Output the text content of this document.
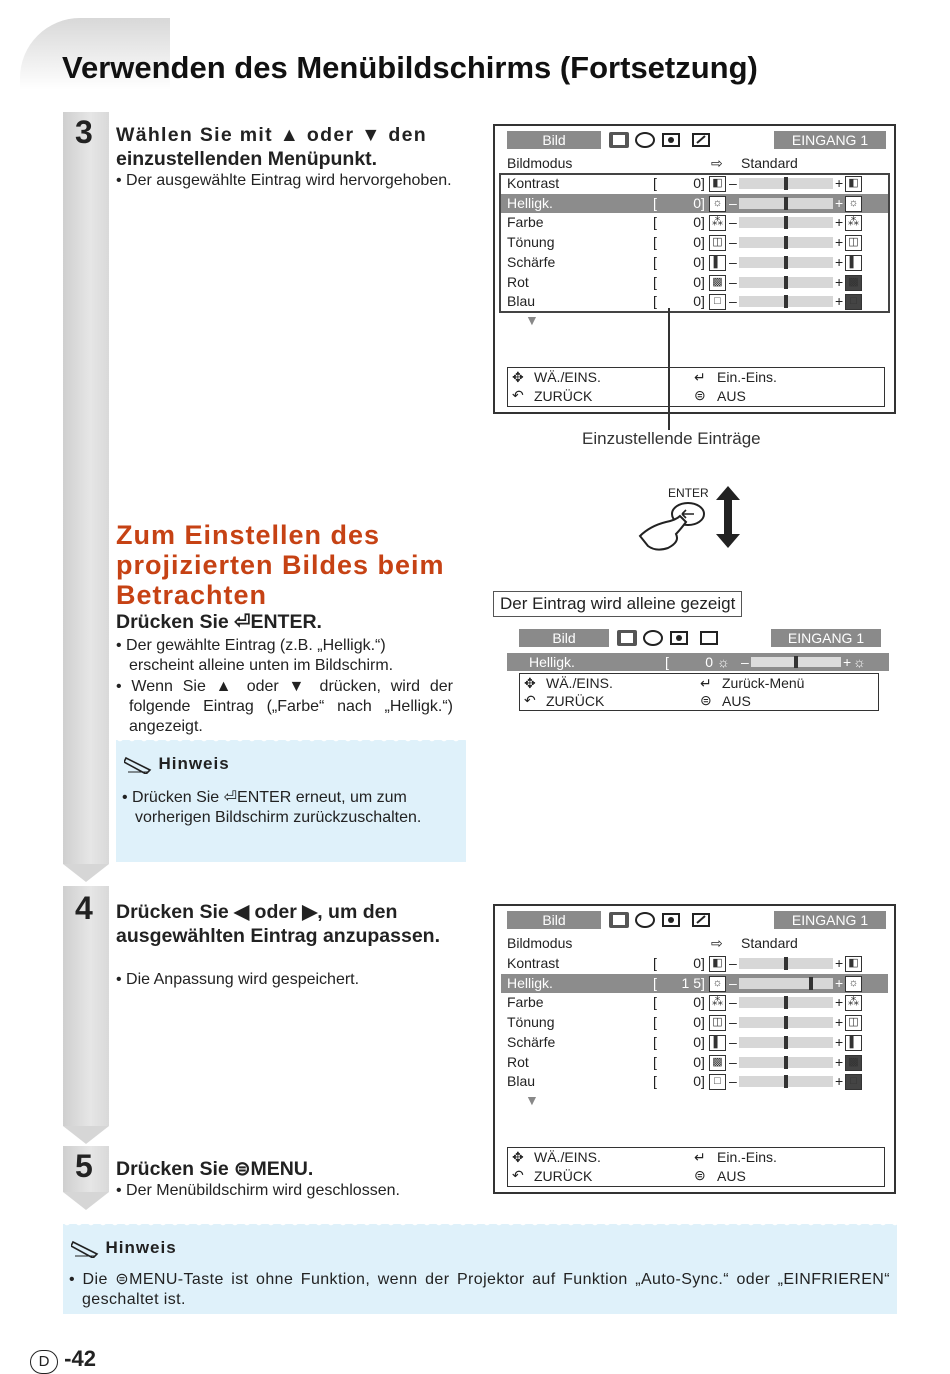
Verwenden des Menübildschirms (Fortsetzung)
3 Wählen Sie mit ▲ oder ▼ den
einzustellenden Menüpunkt.
• Der ausgewählte Eintrag wird hervorgehoben.
Bild	EINGANG 1
Bildmodus	⇨ Standard
Kontrast	[	0 ] ◧ –	+ ◧
Helligk.	[	0 ] ☼ –	+ ☼
Farbe	[	0 ] ⁂ –	+ ⁂
Tönung	[	0 ] ◫ –	+ ◫
Schärfe	[	0 ] ▌ –	+ ▌
Rot	[	0 ] ▩ –	+ ▩
Blau	[	0 ] □ –	+ □
▼
✥ WÄ./EINS.	↵ Ein.-Eins.
↶ ZURÜCK	⊜ AUS
Einzustellende Einträge
ENTER
Zum Einstellen des projizierten Bildes beim Betrachten
Drücken Sie ⏎ENTER.
• Der gewählte Eintrag (z.B. „Helligk.“) erscheint alleine unten im Bildschirm.
• Wenn Sie ▲ oder ▼ drücken, wird der folgende Eintrag („Farbe“ nach „Helligk.“) angezeigt.
Hinweis
• Drücken Sie ⏎ENTER erneut, um zum vorherigen Bildschirm zurückzuschalten.
Der Eintrag wird alleine gezeigt
Bild	EINGANG 1
Helligk.	[	0 ☼ –	+ ☼
✥ WÄ./EINS.	↵ Zurück-Menü
↶ ZURÜCK	⊜ AUS
4 Drücken Sie ◀ oder ▶, um den ausgewählten Eintrag anzupassen.
• Die Anpassung wird gespeichert.
Bild	EINGANG 1
Bildmodus	⇨ Standard
Kontrast	[	0 ] ◧ –	+ ◧
Helligk.	[	1 5 ] ☼ –	+ ☼
Farbe	[	0 ] ⁂ –	+ ⁂
Tönung	[	0 ] ◫ –	+ ◫
Schärfe	[	0 ] ▌ –	+ ▌
Rot	[	0 ] ▩ –	+ ▩
Blau	[	0 ] □ –	+ □
▼
✥ WÄ./EINS.	↵ Ein.-Eins.
↶ ZURÜCK	⊜ AUS
5 Drücken Sie ⊜MENU.
• Der Menübildschirm wird geschlossen.
Hinweis
• Die ⊜MENU-Taste ist ohne Funktion, wenn der Projektor auf Funktion „Auto-Sync.“ oder „EINFRIEREN“ geschaltet ist.
D -42
